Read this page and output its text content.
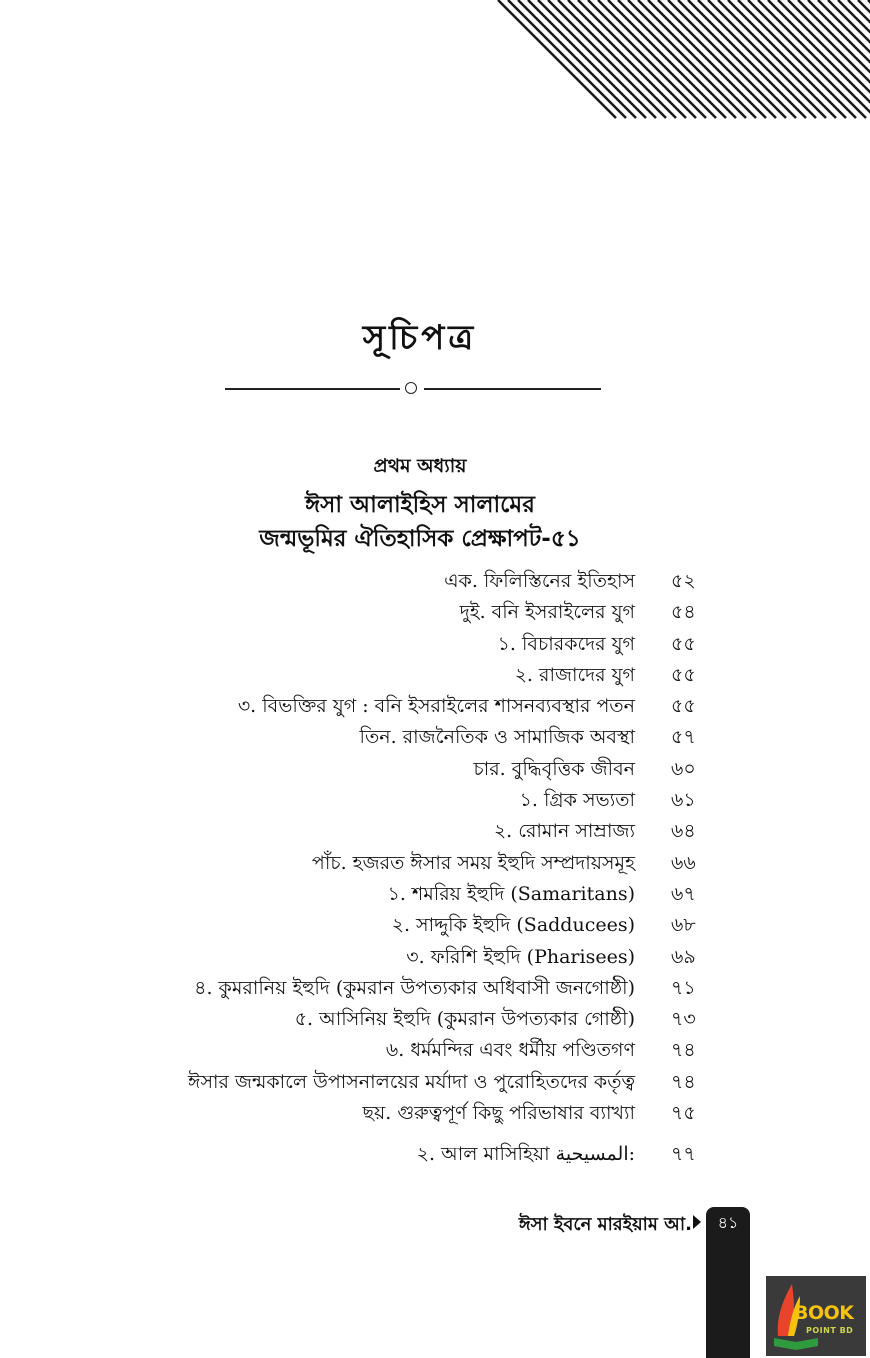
সূচিপত্র
প্রথম অধ্যায়
ঈসা আলাইহিস সালামের
জন্মভূমির ঐতিহাসিক প্রেক্ষাপট-৫১
এক. ফিলিস্তিনের ইতিহাস ৫২
দুই. বনি ইসরাইলের যুগ ৫৪
১. বিচারকদের যুগ ৫৫
২. রাজাদের যুগ ৫৫
৩. বিভক্তির যুগ : বনি ইসরাইলের শাসনব্যবস্থার পতন ৫৫
তিন. রাজনৈতিক ও সামাজিক অবস্থা ৫৭
চার. বুদ্ধিবৃত্তিক জীবন ৬০
১. গ্রিক সভ্যতা ৬১
২. রোমান সাম্রাজ্য ৬৪
পাঁচ. হজরত ঈসার সময় ইহুদি সম্প্রদায়সমূহ ৬৬
১. শমরিয় ইহুদি (Samaritans) ৬৭
২. সাদ্দুকি ইহুদি (Sadducees) ৬৮
৩. ফরিশি ইহুদি (Pharisees) ৬৯
৪. কুমরানিয় ইহুদি (কুমরান উপত্যকার অধিবাসী জনগোষ্ঠী) ৭১
৫. আসিনিয় ইহুদি (কুমরান উপত্যকার গোষ্ঠী) ৭৩
৬. ধর্মমন্দির এবং ধর্মীয় পণ্ডিতগণ ৭৪
ঈসার জন্মকালে উপাসনালয়ের মর্যাদা ও পুরোহিতদের কর্তৃত্ব ৭৪
ছয়. গুরুত্বপূর্ণ কিছু পরিভাষার ব্যাখ্যা ৭৫
২. আল মাসিহিয়া المسيحية: ৭৭
ঈসা ইবনে মারইয়াম আ.	৪১
BOOK
POINT BD
